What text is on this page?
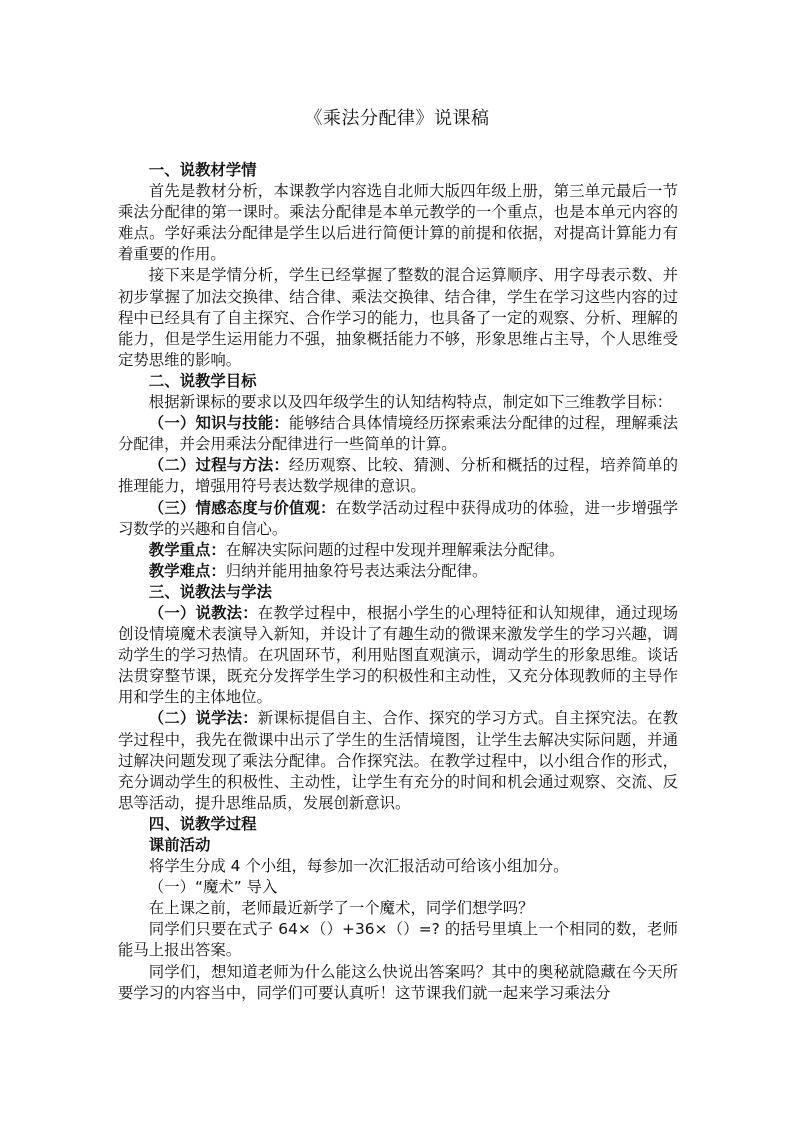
《乘法分配律》说课稿

一、说教材学情

首先是教材分析，本课教学内容选自北师大版四年级上册，第三单元最后一节乘法分配律的第一课时。乘法分配律是本单元教学的一个重点，也是本单元内容的难点。学好乘法分配律是学生以后进行简便计算的前提和依据，对提高计算能力有着重要的作用。

接下来是学情分析，学生已经掌握了整数的混合运算顺序、用字母表示数、并初步掌握了加法交换律、结合律、乘法交换律、结合律，学生在学习这些内容的过程中已经具有了自主探究、合作学习的能力，也具备了一定的观察、分析、理解的能力，但是学生运用能力不强，抽象概括能力不够，形象思维占主导，个人思维受定势思维的影响。

二、说教学目标

根据新课标的要求以及四年级学生的认知结构特点，制定如下三维教学目标：

（一）知识与技能：能够结合具体情境经历探索乘法分配律的过程，理解乘法分配律，并会用乘法分配律进行一些简单的计算。

（二）过程与方法：经历观察、比较、猜测、分析和概括的过程，培养简单的推理能力，增强用符号表达数学规律的意识。

（三）情感态度与价值观：在数学活动过程中获得成功的体验，进一步增强学习数学的兴趣和自信心。

教学重点：在解决实际问题的过程中发现并理解乘法分配律。

教学难点：归纳并能用抽象符号表达乘法分配律。

三、说教法与学法

（一）说教法：在教学过程中，根据小学生的心理特征和认知规律，通过现场创设情境魔术表演导入新知，并设计了有趣生动的微课来激发学生的学习兴趣，调动学生的学习热情。在巩固环节，利用贴图直观演示，调动学生的形象思维。谈话法贯穿整节课，既充分发挥学生学习的积极性和主动性，又充分体现教师的主导作用和学生的主体地位。

（二）说学法：新课标提倡自主、合作、探究的学习方式。自主探究法。在教学过程中，我先在微课中出示了学生的生活情境图，让学生去解决实际问题，并通过解决问题发现了乘法分配律。合作探究法。在教学过程中，以小组合作的形式，充分调动学生的积极性、主动性，让学生有充分的时间和机会通过观察、交流、反思等活动，提升思维品质，发展创新意识。

四、说教学过程

课前活动

将学生分成 4 个小组，每参加一次汇报活动可给该小组加分。

（一）“魔术” 导入

在上课之前，老师最近新学了一个魔术，同学们想学吗？

同学们只要在式子 64×（）+36×（）=? 的括号里填上一个相同的数，老师能马上报出答案。

同学们，想知道老师为什么能这么快说出答案吗？其中的奥秘就隐藏在今天所要学习的内容当中，同学们可要认真听！这节课我们就一起来学习乘法分
